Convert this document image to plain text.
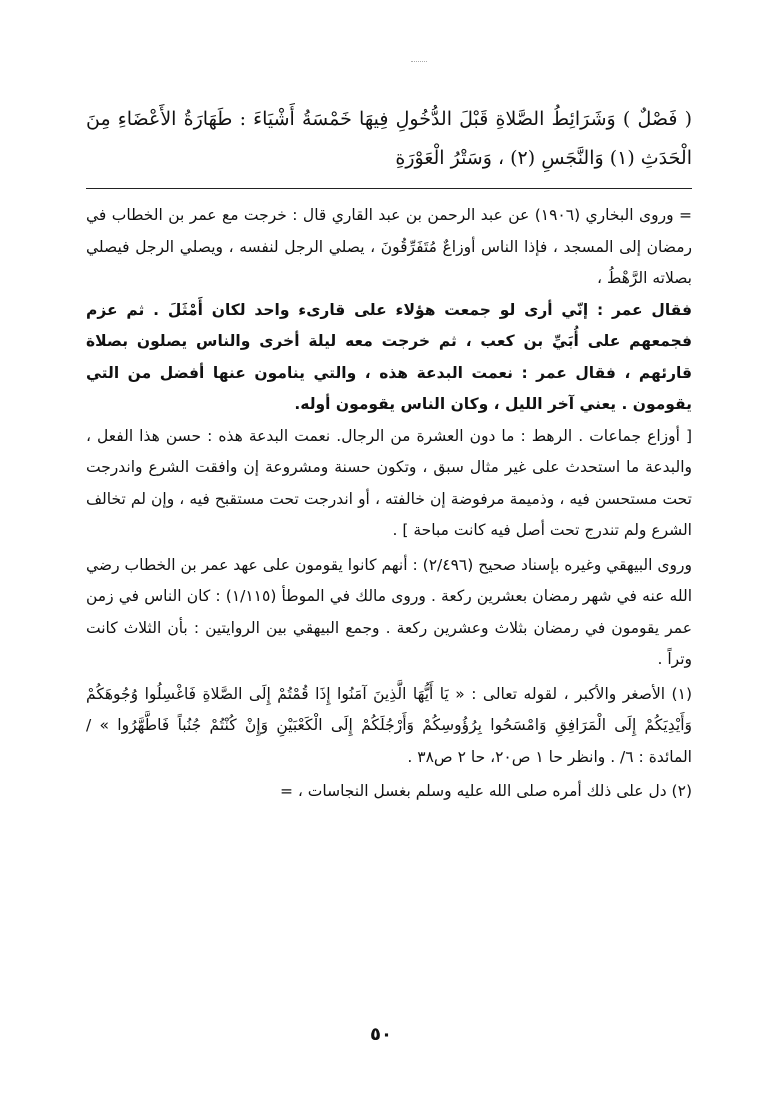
( فَصْلٌ ) وَشَرَائِطُ الصَّلاةِ قَبْلَ الدُّخُولِ فِيهَا خَمْسَةُ أَشْيَاءَ : طَهَارَةُ الأَعْضَاءِ مِنَ الْحَدَثِ (١) وَالنَّجَسِ (٢) ، وَسَتْرُ الْعَوْرَةِ

= وروى البخاري (١٩٠٦) عن عبد الرحمن بن عبد القاري قال : خرجت مع عمر بن الخطاب في رمضان إلى المسجد ، فإذا الناس أوزاعٌ مُتَفَرِّقُونَ ، يصلي الرجل لنفسه ، ويصلي الرجل فيصلي بصلاته الرَّهْطُ ،

فقال عمر : إنّي أرى لو جمعت هؤلاء على قارىء واحد لكان أَمْثَلَ . ثم عزم فجمعهم على أُبَيِّ بن كعب ، ثم خرجت معه ليلة أخرى والناس يصلون بصلاة قارئهم ، فقال عمر : نعمت البدعة هذه ، والتي ينامون عنها أفضل من التي يقومون . يعني آخر الليل ، وكان الناس يقومون أوله.

[ أوزاع جماعات . الرهط : ما دون العشرة من الرجال. نعمت البدعة هذه : حسن هذا الفعل ، والبدعة ما استحدث على غير مثال سبق ، وتكون حسنة ومشروعة إن وافقت الشرع واندرجت تحت مستحسن فيه ، وذميمة مرفوضة إن خالفته ، أو اندرجت تحت مستقبح فيه ، وإن لم تخالف الشرع ولم تندرج تحت أصل فيه كانت مباحة ] .

وروى البيهقي وغيره بإسناد صحيح (٢/٤٩٦) : أنهم كانوا يقومون على عهد عمر بن الخطاب رضي الله عنه في شهر رمضان بعشرين ركعة . وروى مالك في الموطأ (١/١١٥) : كان الناس في زمن عمر يقومون في رمضان بثلاث وعشرين ركعة . وجمع البيهقي بين الروايتين : بأن الثلاث كانت وتراً .

(١) الأصغر والأكبر ، لقوله تعالى : « يَا أَيُّهَا الَّذِينَ آمَنُوا إِذَا قُمْتُمْ إِلَى الصَّلاةِ فَاغْسِلُوا وُجُوهَكُمْ وَأَيْدِيَكُمْ إِلَى الْمَرَافِقِ وَامْسَحُوا بِرُؤُوسِكُمْ وَأَرْجُلَكُمْ إِلَى الْكَعْبَيْنِ وَإِنْ كُنْتُمْ جُنُباً فَاطَّهَّرُوا » / المائدة : ٦/ . وانظر حا ١ ص٢٠، حا ٢ ص٣٨ .

(٢) دل على ذلك أمره صلى الله عليه وسلم بغسل النجاسات ، =

٥٠
